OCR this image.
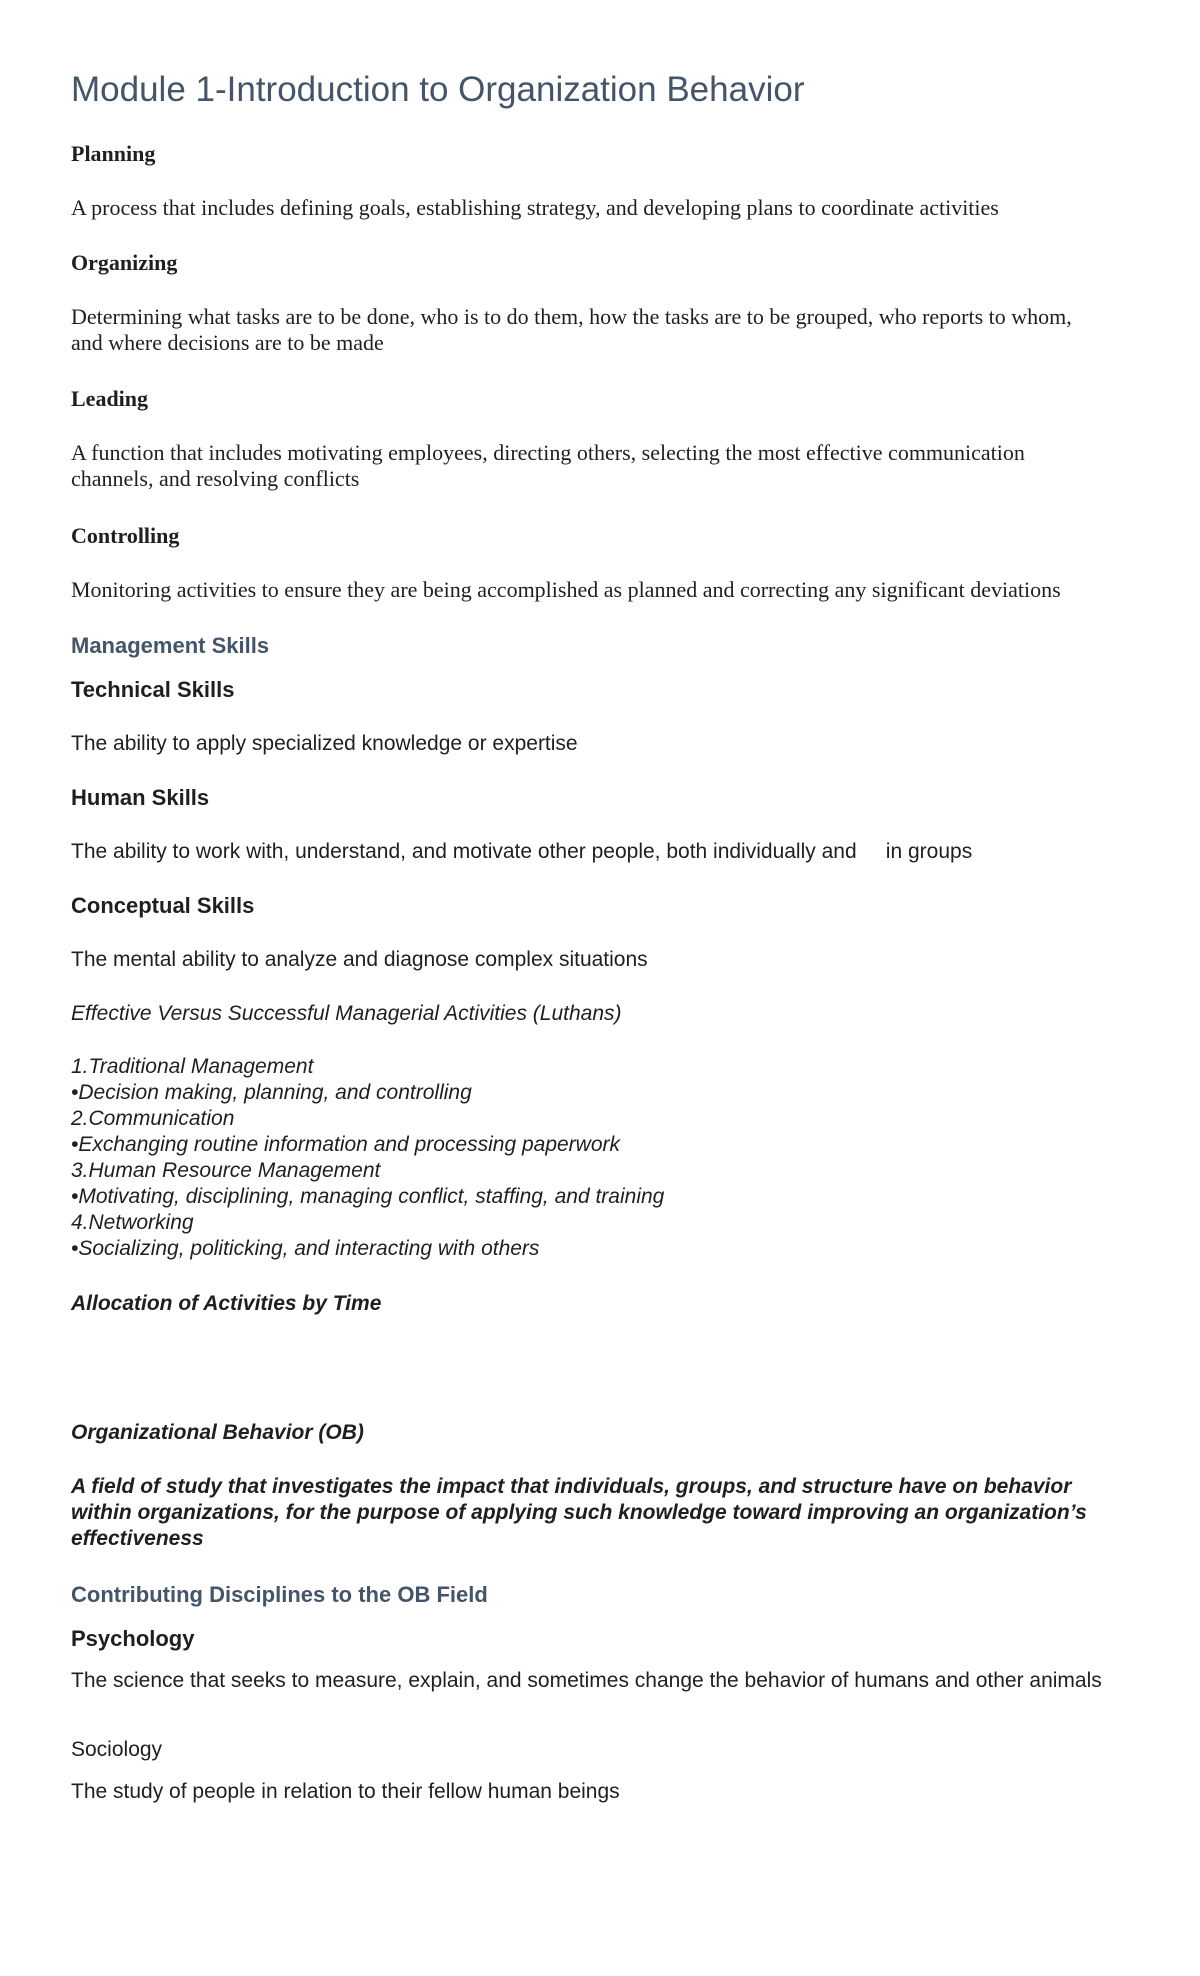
Module 1-Introduction to Organization Behavior
Planning
A process that includes defining goals, establishing strategy, and developing plans to coordinate activities
Organizing
Determining what tasks are to be done, who is to do them, how the tasks are to be grouped, who reports to whom, and where decisions are to be made
Leading
A function that includes motivating employees, directing others, selecting the most effective communication channels, and resolving conflicts
Controlling
Monitoring activities to ensure they are being accomplished as planned and correcting any significant deviations
Management Skills
Technical Skills
The ability to apply specialized knowledge or expertise
Human Skills
The ability to work with, understand, and motivate other people, both individually and     in groups
Conceptual Skills
The mental ability to analyze and diagnose complex situations
Effective Versus Successful Managerial Activities (Luthans)
1.Traditional Management
•Decision making, planning, and controlling
2.Communication
•Exchanging routine information and processing paperwork
3.Human Resource Management
•Motivating, disciplining, managing conflict, staffing, and training
4.Networking
•Socializing, politicking, and interacting with others
Allocation of Activities by Time
Organizational Behavior (OB)
A field of study that investigates the impact that individuals, groups, and structure have on behavior within organizations, for the purpose of applying such knowledge toward improving an organization’s effectiveness
Contributing Disciplines to the OB Field
Psychology
The science that seeks to measure, explain, and sometimes change the behavior of humans and other animals
Sociology
The study of people in relation to their fellow human beings
